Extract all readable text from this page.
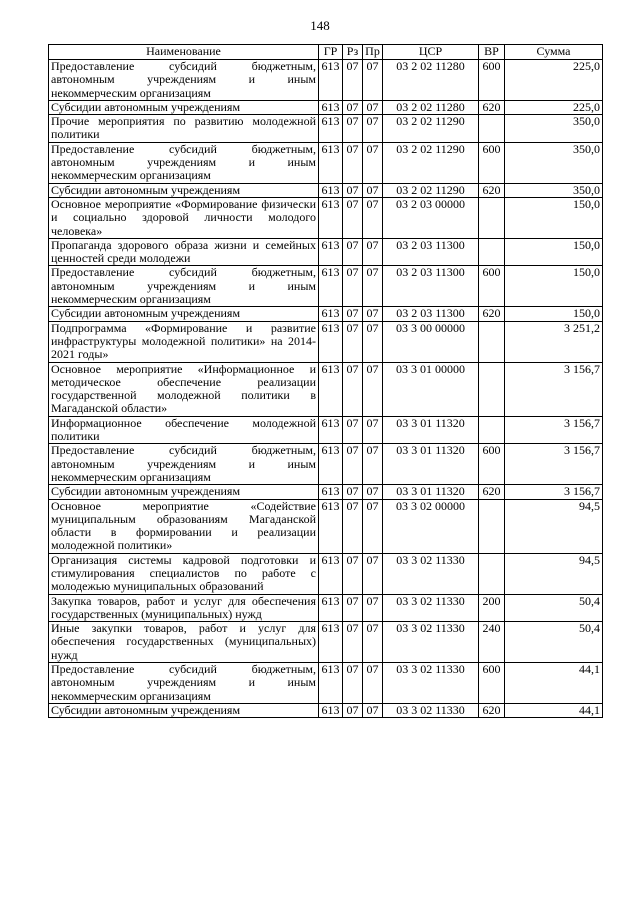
148
Наименование	ГР	Рз	Пр	ЦСР	ВР	Сумма
Предоставление субсидий бюджетным, автономным учреждениям и иным некоммерческим организациям	613	07	07	03 2 02 11280	600	225,0
Субсидии автономным учреждениям	613	07	07	03 2 02 11280	620	225,0
Прочие мероприятия по развитию молодежной политики	613	07	07	03 2 02 11290		350,0
Предоставление субсидий бюджетным, автономным учреждениям и иным некоммерческим организациям	613	07	07	03 2 02 11290	600	350,0
Субсидии автономным учреждениям	613	07	07	03 2 02 11290	620	350,0
Основное мероприятие «Формирование физически и социально здоровой личности молодого человека»	613	07	07	03 2 03 00000		150,0
Пропаганда здорового образа жизни и семейных ценностей среди молодежи	613	07	07	03 2 03 11300		150,0
Предоставление субсидий бюджетным, автономным учреждениям и иным некоммерческим организациям	613	07	07	03 2 03 11300	600	150,0
Субсидии автономным учреждениям	613	07	07	03 2 03 11300	620	150,0
Подпрограмма «Формирование и развитие инфраструктуры молодежной политики» на 2014-2021 годы»	613	07	07	03 3 00 00000		3 251,2
Основное мероприятие «Информационное и методическое обеспечение реализации государственной молодежной политики в Магаданской области»	613	07	07	03 3 01 00000		3 156,7
Информационное обеспечение молодежной политики	613	07	07	03 3 01 11320		3 156,7
Предоставление субсидий бюджетным, автономным учреждениям и иным некоммерческим организациям	613	07	07	03 3 01 11320	600	3 156,7
Субсидии автономным учреждениям	613	07	07	03 3 01 11320	620	3 156,7
Основное мероприятие «Содействие муниципальным образованиям Магаданской области в формировании и реализации молодежной политики»	613	07	07	03 3 02 00000		94,5
Организация системы кадровой подготовки и стимулирования специалистов по работе с молодежью муниципальных образований	613	07	07	03 3 02 11330		94,5
Закупка товаров, работ и услуг для обеспечения государственных (муниципальных) нужд	613	07	07	03 3 02 11330	200	50,4
Иные закупки товаров, работ и услуг для обеспечения государственных (муниципальных) нужд	613	07	07	03 3 02 11330	240	50,4
Предоставление субсидий бюджетным, автономным учреждениям и иным некоммерческим организациям	613	07	07	03 3 02 11330	600	44,1
Субсидии автономным учреждениям	613	07	07	03 3 02 11330	620	44,1
